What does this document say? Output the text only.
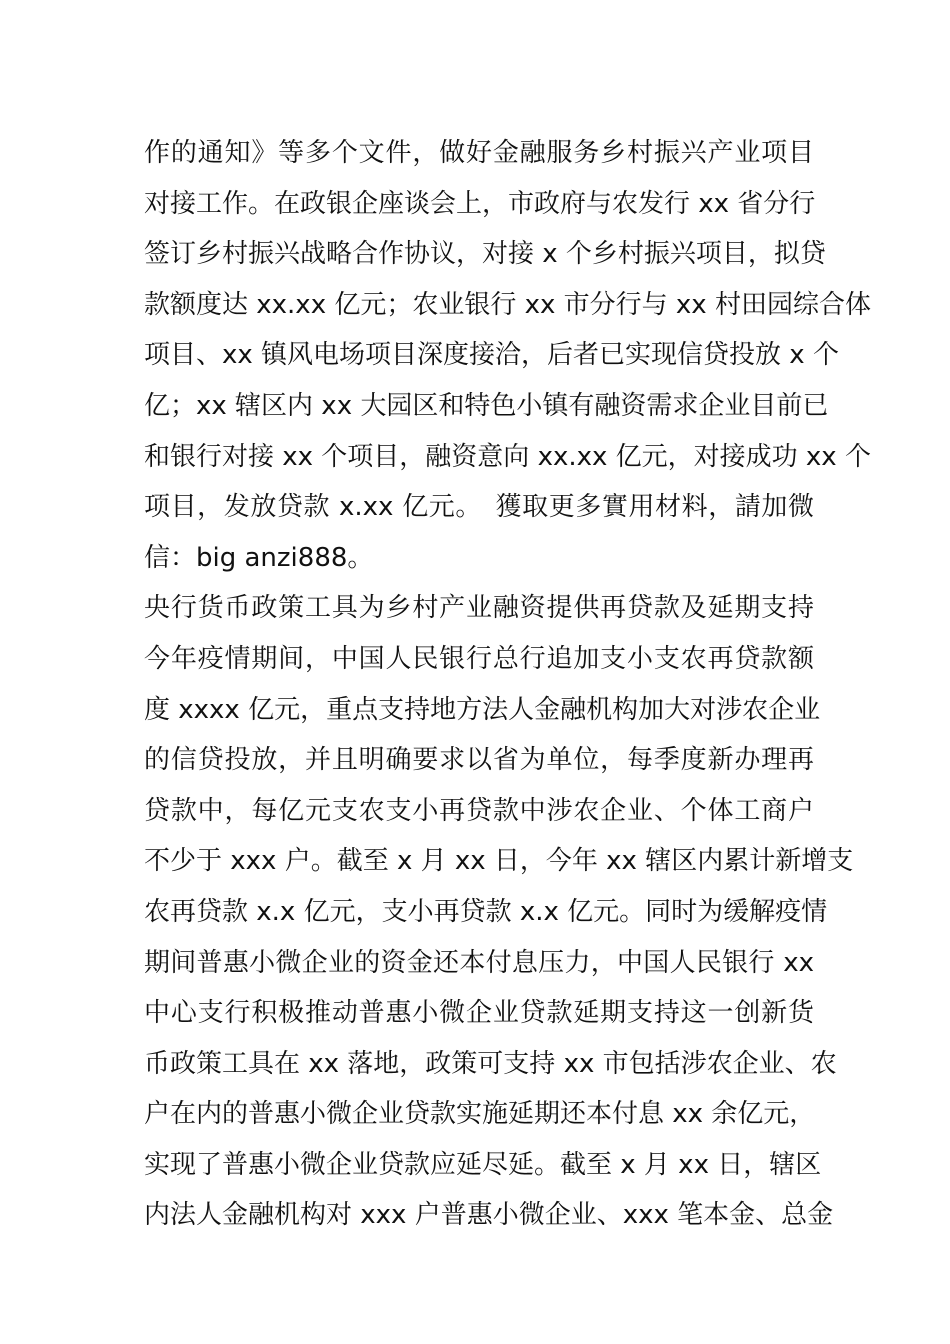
作的通知》等多个文件，做好金融服务乡村振兴产业项目
对接工作。在政银企座谈会上，市政府与农发行 xx 省分行
签订乡村振兴战略合作协议，对接 x 个乡村振兴项目，拟贷
款额度达 xx.xx 亿元；农业银行 xx 市分行与 xx 村田园综合体
项目、xx 镇风电场项目深度接洽，后者已实现信贷投放 x 个
亿；xx 辖区内 xx 大园区和特色小镇有融资需求企业目前已
和银行对接 xx 个项目，融资意向 xx.xx 亿元，对接成功 xx 个
项目，发放贷款 x.xx 亿元。　獲取更多實用材料，請加微
信：big anzi888。
央行货币政策工具为乡村产业融资提供再贷款及延期支持
今年疫情期间，中国人民银行总行追加支小支农再贷款额
度 xxxx 亿元，重点支持地方法人金融机构加大对涉农企业
的信贷投放，并且明确要求以省为单位，每季度新办理再
贷款中，每亿元支农支小再贷款中涉农企业、个体工商户
不少于 xxx 户。截至 x 月 xx 日，今年 xx 辖区内累计新增支
农再贷款 x.x 亿元，支小再贷款 x.x 亿元。同时为缓解疫情
期间普惠小微企业的资金还本付息压力，中国人民银行 xx
中心支行积极推动普惠小微企业贷款延期支持这一创新货
币政策工具在 xx 落地，政策可支持 xx 市包括涉农企业、农
户在内的普惠小微企业贷款实施延期还本付息 xx 余亿元，
实现了普惠小微企业贷款应延尽延。截至 x 月 xx 日，辖区
内法人金融机构对 xxx 户普惠小微企业、xxx 笔本金、总金
